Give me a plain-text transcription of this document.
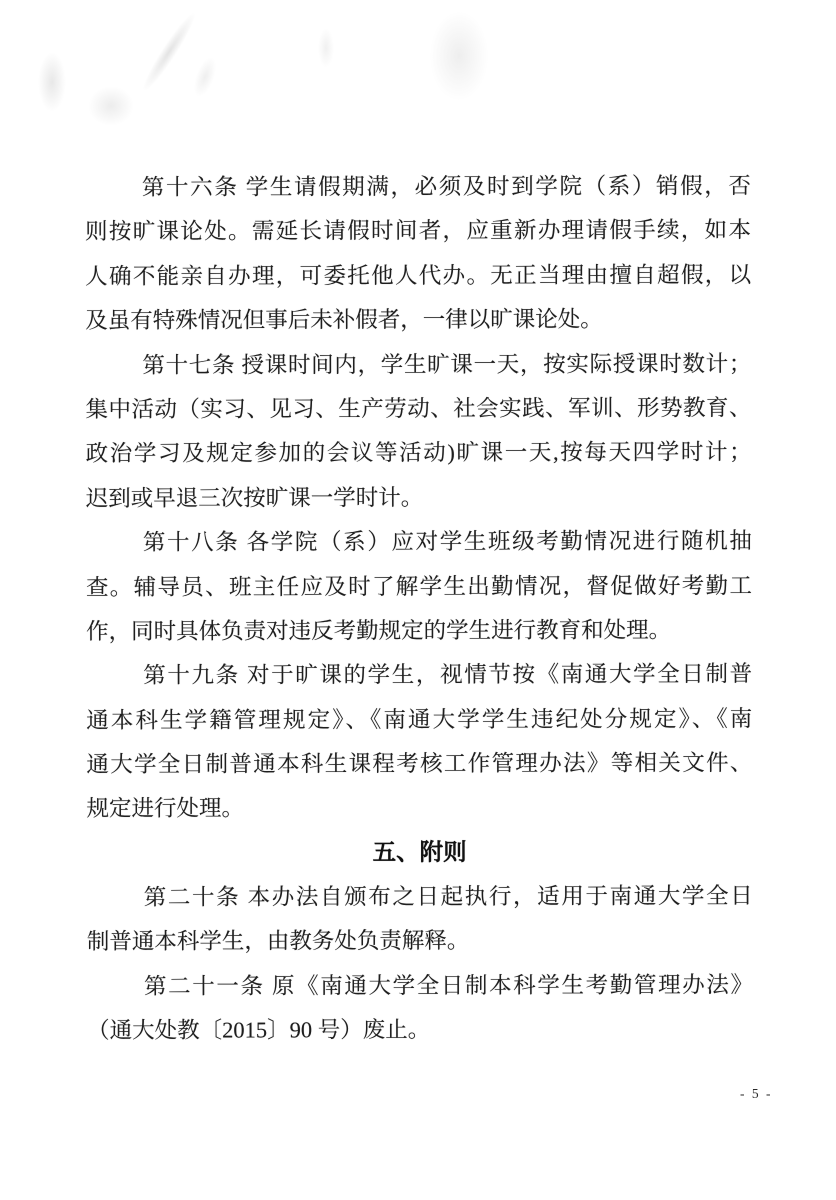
第十六条 学生请假期满，必须及时到学院（系）销假，否
则按旷课论处。需延长请假时间者，应重新办理请假手续，如本
人确不能亲自办理，可委托他人代办。无正当理由擅自超假，以
及虽有特殊情况但事后未补假者，一律以旷课论处。
第十七条 授课时间内，学生旷课一天，按实际授课时数计；
集中活动（实习、见习、生产劳动、社会实践、军训、形势教育、
政治学习及规定参加的会议等活动)旷课一天,按每天四学时计；
迟到或早退三次按旷课一学时计。
第十八条 各学院（系）应对学生班级考勤情况进行随机抽
查。辅导员、班主任应及时了解学生出勤情况，督促做好考勤工
作，同时具体负责对违反考勤规定的学生进行教育和处理。
第十九条 对于旷课的学生，视情节按《南通大学全日制普
通本科生学籍管理规定》、《南通大学学生违纪处分规定》、《南
通大学全日制普通本科生课程考核工作管理办法》等相关文件、
规定进行处理。
五、附则
第二十条 本办法自颁布之日起执行，适用于南通大学全日
制普通本科学生，由教务处负责解释。
第二十一条 原《南通大学全日制本科学生考勤管理办法》
（通大处教〔2015〕90 号）废止。
- 5 -
